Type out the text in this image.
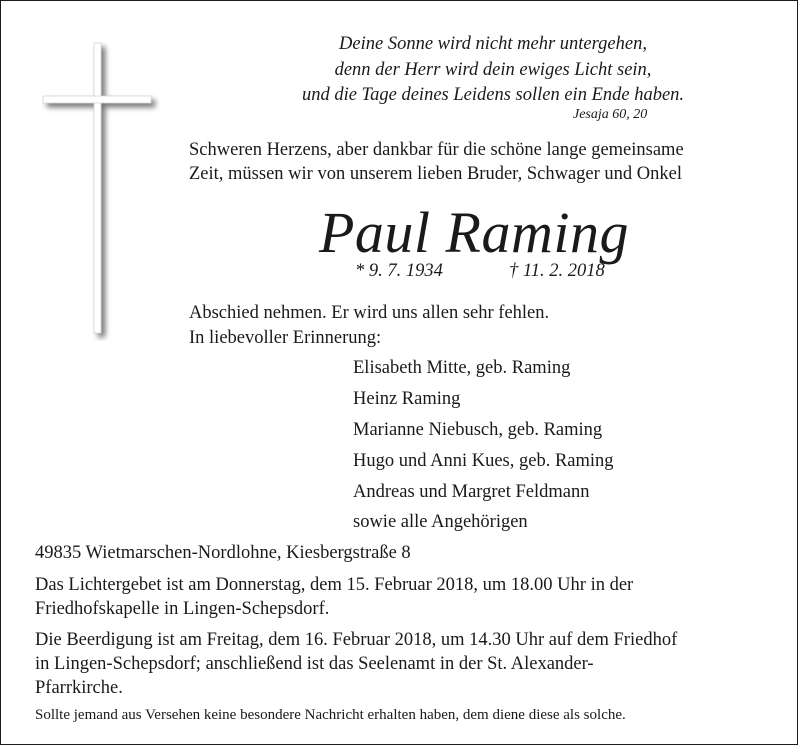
Deine Sonne wird nicht mehr untergehen,
denn der Herr wird dein ewiges Licht sein,
und die Tage deines Leidens sollen ein Ende haben.
Jesaja 60, 20
Schweren Herzens, aber dankbar für die schöne lange gemeinsame
Zeit, müssen wir von unserem lieben Bruder, Schwager und Onkel
Paul Raming
* 9. 7. 1934	† 11. 2. 2018
Abschied nehmen. Er wird uns allen sehr fehlen.
In liebevoller Erinnerung:
Elisabeth Mitte, geb. Raming
Heinz Raming
Marianne Niebusch, geb. Raming
Hugo und Anni Kues, geb. Raming
Andreas und Margret Feldmann
sowie alle Angehörigen
49835 Wietmarschen-Nordlohne, Kiesbergstraße 8
Das Lichtergebet ist am Donnerstag, dem 15. Februar 2018, um 18.00 Uhr in der
Friedhofskapelle in Lingen-Schepsdorf.
Die Beerdigung ist am Freitag, dem 16. Februar 2018, um 14.30 Uhr auf dem Friedhof
in Lingen-Schepsdorf; anschließend ist das Seelenamt in der St. Alexander-
Pfarrkirche.
Sollte jemand aus Versehen keine besondere Nachricht erhalten haben, dem diene diese als solche.
